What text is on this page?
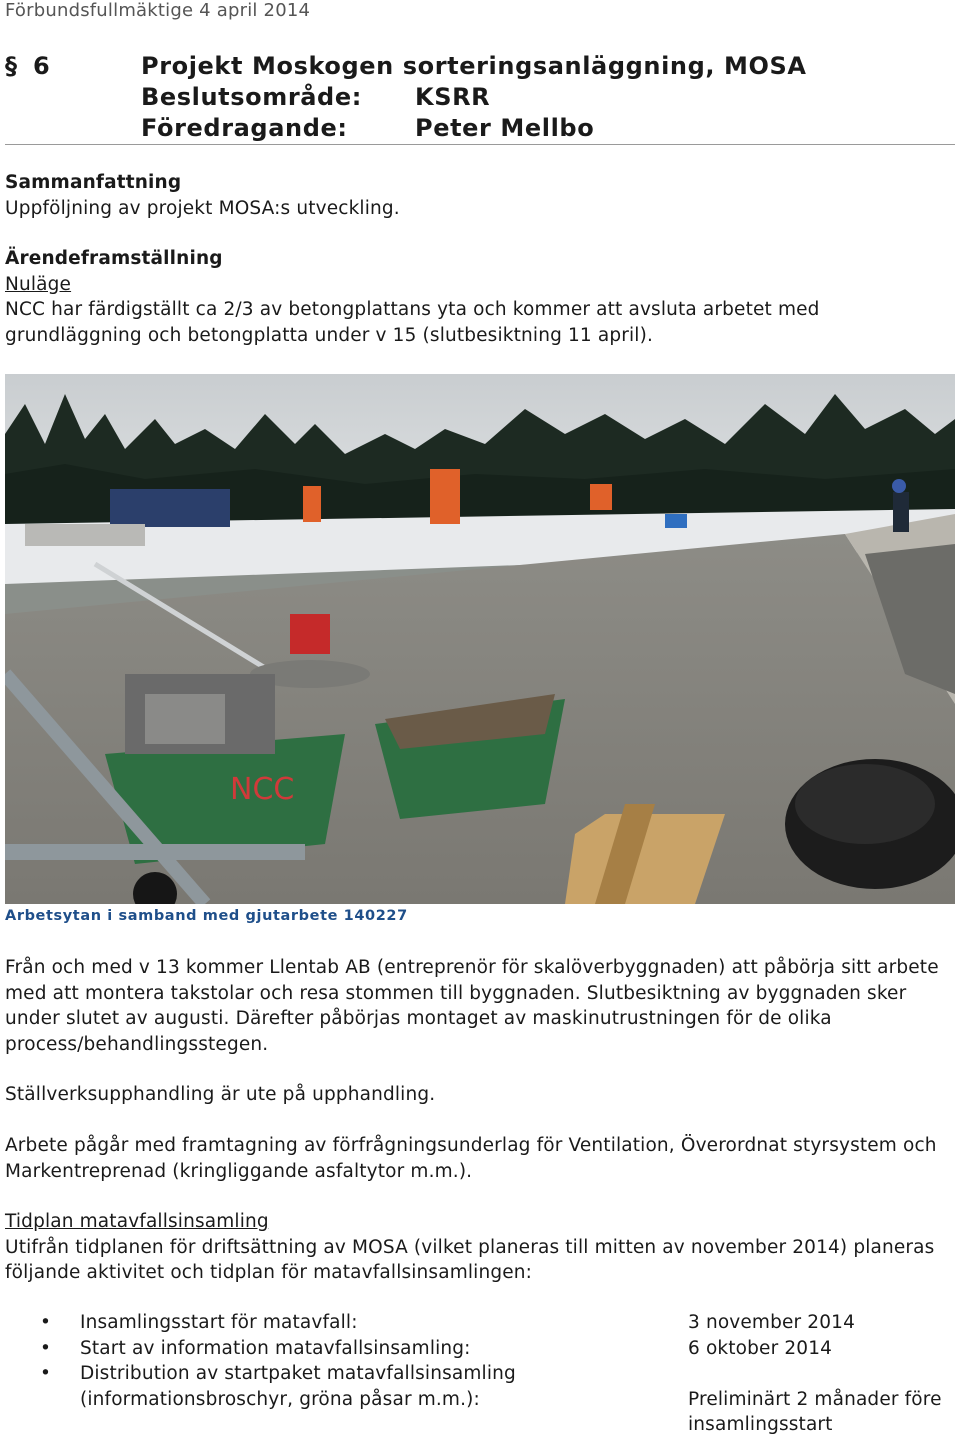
Förbundsfullmäktige 4 april 2014
§ 6	Projekt Moskogen sorteringsanläggning, MOSA
Beslutsområde: KSRR
Föredragande:	Peter Mellbo
Sammanfattning
Uppföljning av projekt MOSA:s utveckling.
Ärendeframställning
Nuläge
NCC har färdigställt ca 2/3 av betongplattans yta och kommer att avsluta arbetet med grundläggning och betongplatta under v 15 (slutbesiktning 11 april).
NCC
Arbetsytan i samband med gjutarbete 140227
Från och med v 13 kommer Llentab AB (entreprenör för skalöverbyggnaden) att påbörja sitt arbete med att montera takstolar och resa stommen till byggnaden. Slutbesiktning av byggnaden sker under slutet av augusti. Därefter påbörjas montaget av maskinutrustningen för de olika process/behandlingsstegen.
Ställverksupphandling är ute på upphandling.
Arbete pågår med framtagning av förfrågningsunderlag för Ventilation, Överordnat styrsystem och Markentreprenad (kringliggande asfaltytor m.m.).
Tidplan matavfallsinsamling
Utifrån tidplanen för driftsättning av MOSA (vilket planeras till mitten av november 2014) planeras följande aktivitet och tidplan för matavfallsinsamlingen:
• Insamlingsstart för matavfall:	3 november 2014
• Start av information matavfallsinsamling:	6 oktober 2014
• Distribution av startpaket matavfallsinsamling (informationsbroschyr, gröna påsar m.m.):	Preliminärt 2 månader före insamlingsstart
